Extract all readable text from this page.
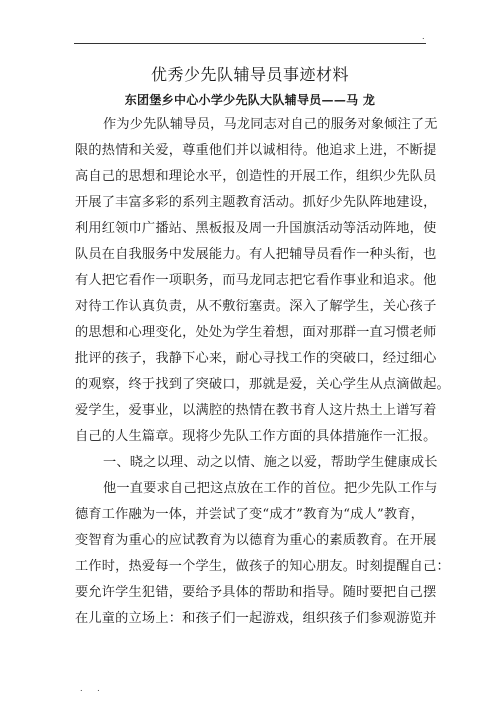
.
优秀少先队辅导员事迹材料
东团堡乡中心小学少先队大队辅导员——马 龙
作为少先队辅导员，马龙同志对自己的服务对象倾注了无
限的热情和关爱，尊重他们并以诚相待。他追求上进，不断提
高自己的思想和理论水平，创造性的开展工作，组织少先队员
开展了丰富多彩的系列主题教育活动。抓好少先队阵地建设，
利用红领巾广播站、黑板报及周一升国旗活动等活动阵地，使
队员在自我服务中发展能力。有人把辅导员看作一种头衔，也
有人把它看作一项职务，而马龙同志把它看作事业和追求。他
对待工作认真负责，从不敷衍塞责。深入了解学生，关心孩子
的思想和心理变化，处处为学生着想，面对那群一直习惯老师
批评的孩子，我静下心来，耐心寻找工作的突破口，经过细心
的观察，终于找到了突破口，那就是爱，关心学生从点滴做起。
爱学生，爱事业，以满腔的热情在教书育人这片热土上谱写着
自己的人生篇章。现将少先队工作方面的具体措施作一汇报。
一、晓之以理、动之以情、施之以爱，帮助学生健康成长
他一直要求自己把这点放在工作的首位。把少先队工作与
德育工作融为一体，并尝试了变“成才”教育为“成人”教育，
变智育为重心的应试教育为以德育为重心的素质教育。在开展
工作时，热爱每一个学生，做孩子的知心朋友。时刻提醒自己：
要允许学生犯错，要给予具体的帮助和指导。随时要把自己摆
在儿童的立场上：和孩子们一起游戏，组织孩子们参观游览并
. .
